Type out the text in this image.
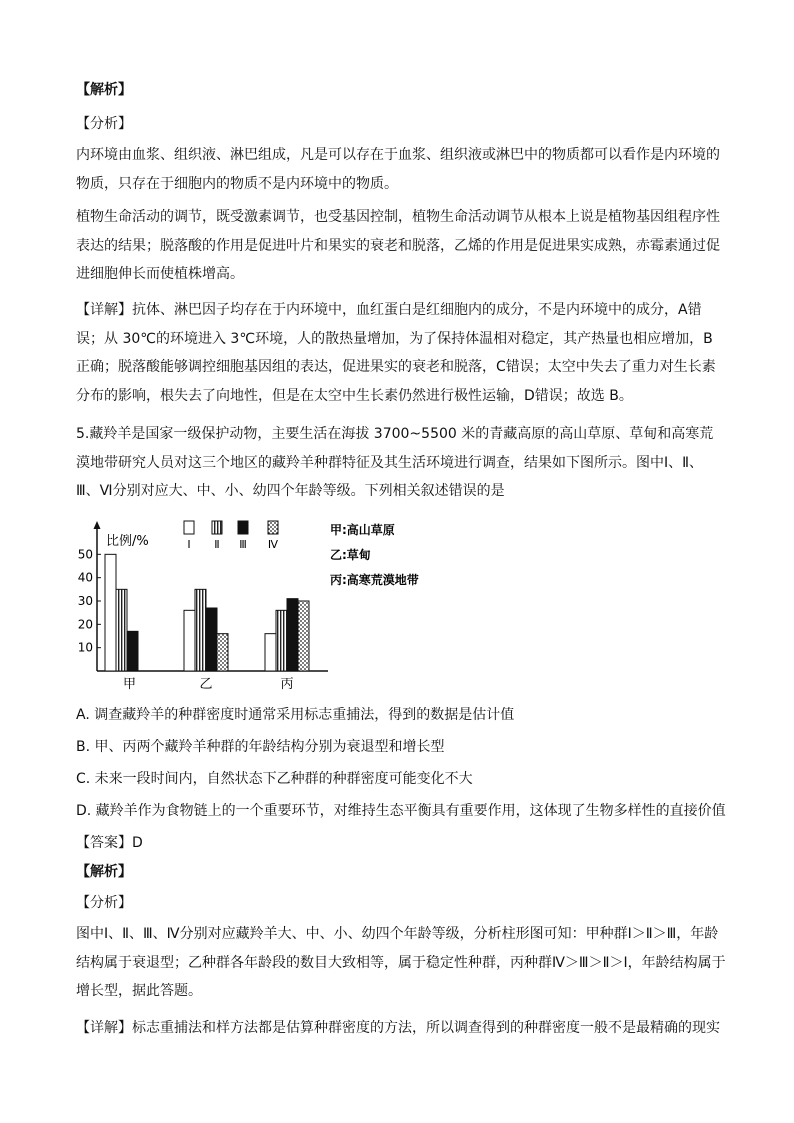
【解析】
【分析】
内环境由血浆、组织液、淋巴组成，凡是可以存在于血浆、组织液或淋巴中的物质都可以看作是内环境的物质，只存在于细胞内的物质不是内环境中的物质。
植物生命活动的调节，既受激素调节，也受基因控制，植物生命活动调节从根本上说是植物基因组程序性表达的结果；脱落酸的作用是促进叶片和果实的衰老和脱落，乙烯的作用是促进果实成熟，赤霉素通过促进细胞伸长而使植株增高。
【详解】抗体、淋巴因子均存在于内环境中，血红蛋白是红细胞内的成分，不是内环境中的成分，A错误；从 30℃的环境进入 3℃环境，人的散热量增加，为了保持体温相对稳定，其产热量也相应增加，B正确；脱落酸能够调控细胞基因组的表达，促进果实的衰老和脱落，C错误；太空中失去了重力对生长素分布的影响，根失去了向地性，但是在太空中生长素仍然进行极性运输，D错误；故选 B。
5.藏羚羊是国家一级保护动物，主要生活在海拔 3700~5500 米的青藏高原的高山草原、草甸和高寒荒漠地带研究人员对这三个地区的藏羚羊种群特征及其生活环境进行调查，结果如下图所示。图中Ⅰ、Ⅱ、Ⅲ、Ⅵ分别对应大、中、小、幼四个年龄等级。下列相关叙述错误的是
比例/%
10
20
30
40
50
甲	乙	丙
Ⅰ Ⅱ Ⅲ Ⅳ
甲:高山草原
乙:草甸
丙:高寒荒漠地带
A. 调查藏羚羊的种群密度时通常采用标志重捕法，得到的数据是估计值
B. 甲、丙两个藏羚羊种群的年龄结构分别为衰退型和增长型
C. 未来一段时间内，自然状态下乙种群的种群密度可能变化不大
D. 藏羚羊作为食物链上的一个重要环节，对维持生态平衡具有重要作用，这体现了生物多样性的直接价值
【答案】D
【解析】
【分析】
图中Ⅰ、Ⅱ、Ⅲ、Ⅳ分别对应藏羚羊大、中、小、幼四个年龄等级，分析柱形图可知：甲种群Ⅰ＞Ⅱ＞Ⅲ，年龄结构属于衰退型；乙种群各年龄段的数目大致相等，属于稳定性种群，丙种群Ⅳ＞Ⅲ＞Ⅱ＞Ⅰ，年龄结构属于增长型，据此答题。
【详解】标志重捕法和样方法都是估算种群密度的方法，所以调查得到的种群密度一般不是最精确的现实
